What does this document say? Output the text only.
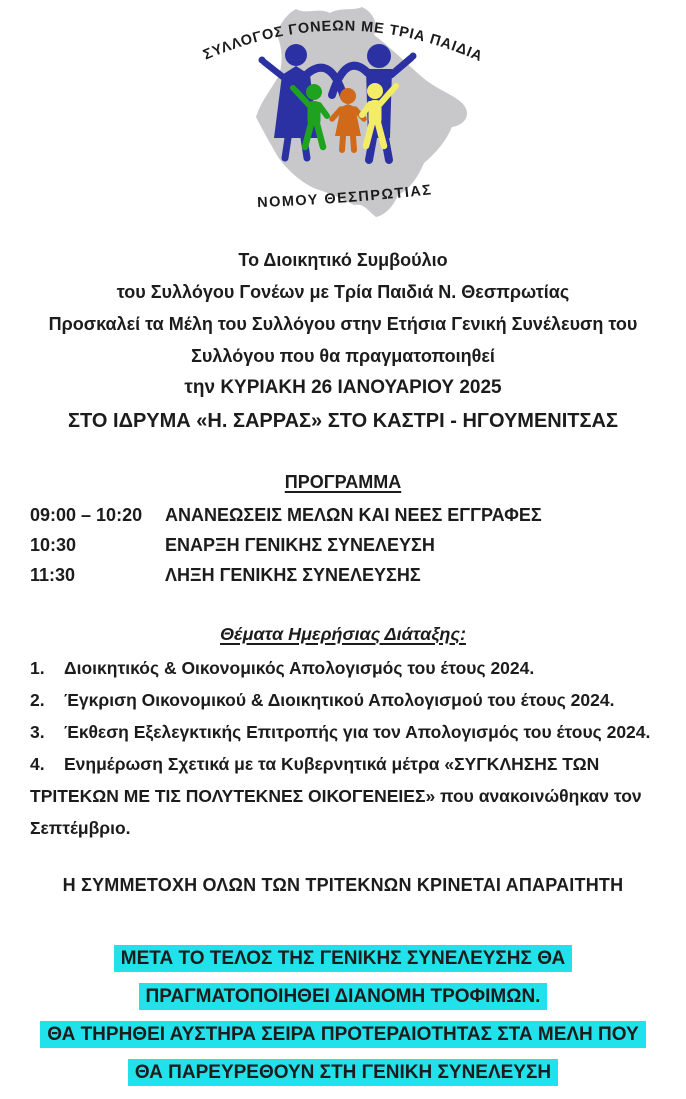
ΣΥΛΛΟΓΟΣ ΓΟΝΕΩΝ ΜΕ ΤΡΙΑ ΠΑΙΔΙΑ
ΝΟΜΟΥ ΘΕΣΠΡΩΤΙΑΣ
Το Διοικητικό Συμβούλιο
του Συλλόγου Γονέων με Τρία Παιδιά Ν. Θεσπρωτίας
Προσκαλεί τα Μέλη του Συλλόγου στην Ετήσια Γενική Συνέλευση του
Συλλόγου που θα πραγματοποιηθεί
την ΚΥΡΙΑΚΗ 26 ΙΑΝΟΥΑΡΙΟΥ 2025
ΣΤΟ ΙΔΡΥΜΑ «Η. ΣΑΡΡΑΣ» ΣΤΟ ΚΑΣΤΡΙ - ΗΓΟΥΜΕΝΙΤΣΑΣ
ΠΡΟΓΡΑΜΜΑ
09:00 – 10:20	ΑΝΑΝΕΩΣΕΙΣ ΜΕΛΩΝ ΚΑΙ ΝΕΕΣ ΕΓΓΡΑΦΕΣ
10:30	ΕΝΑΡΞΗ ΓΕΝΙΚΗΣ ΣΥΝΕΛΕΥΣΗ
11:30	ΛΗΞΗ ΓΕΝΙΚΗΣ ΣΥΝΕΛΕΥΣΗΣ
Θέματα Ημερήσιας Διάταξης:
1. Διοικητικός & Οικονομικός Απολογισμός του έτους 2024.
2. Έγκριση Οικονομικού & Διοικητικού Απολογισμού του έτους 2024.
3. Έκθεση Εξελεγκτικής Επιτροπής για τον Απολογισμός του έτους 2024.
4. Ενημέρωση Σχετικά με τα Κυβερνητικά μέτρα «ΣΥΓΚΛΗΣΗΣ ΤΩΝ ΤΡΙΤΕΚΩΝ ΜΕ ΤΙΣ ΠΟΛΥΤΕΚΝΕΣ ΟΙΚΟΓΕΝΕΙΕΣ» που ανακοινώθηκαν τον Σεπτέμβριο.
Η ΣΥΜΜΕΤΟΧΗ ΟΛΩΝ ΤΩΝ ΤΡΙΤΕΚΝΩΝ ΚΡΙΝΕΤΑΙ ΑΠΑΡΑΙΤΗΤΗ
ΜΕΤΑ ΤΟ ΤΕΛΟΣ ΤΗΣ ΓΕΝΙΚΗΣ ΣΥΝΕΛΕΥΣΗΣ ΘΑ
ΠΡΑΓΜΑΤΟΠΟΙΗΘΕΙ ΔΙΑΝΟΜΗ ΤΡΟΦΙΜΩΝ.
ΘΑ ΤΗΡΗΘΕΙ ΑΥΣΤΗΡΑ ΣΕΙΡΑ ΠΡΟΤΕΡΑΙΟΤΗΤΑΣ ΣΤΑ ΜΕΛΗ ΠΟΥ
ΘΑ ΠΑΡΕΥΡΕΘΟΥΝ ΣΤΗ ΓΕΝΙΚΗ ΣΥΝΕΛΕΥΣΗ
